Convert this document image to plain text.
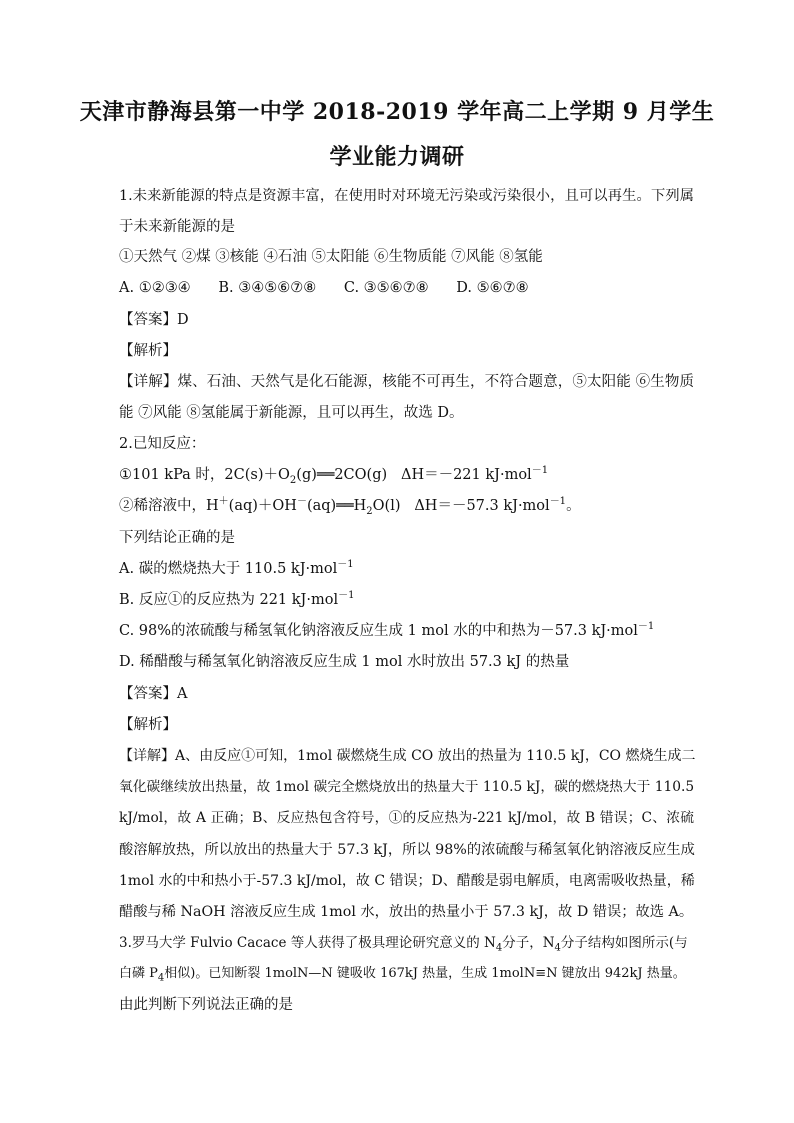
天津市静海县第一中学 2018-2019 学年高二上学期 9 月学生
学业能力调研
1.未来新能源的特点是资源丰富，在使用时对环境无污染或污染很小，且可以再生。下列属
于未来新能源的是
①天然气 ②煤 ③核能 ④石油 ⑤太阳能 ⑥生物质能 ⑦风能 ⑧氢能
A. ①②③④      B. ③④⑤⑥⑦⑧      C. ③⑤⑥⑦⑧      D. ⑤⑥⑦⑧
【答案】D
【解析】
【详解】煤、石油、天然气是化石能源，核能不可再生，不符合题意，⑤太阳能 ⑥生物质
能 ⑦风能 ⑧氢能属于新能源，且可以再生，故选 D。
2.已知反应：
①101 kPa 时，$2C(s)+O_2(g)══2CO(g)$   ΔH＝－221 kJ·mol$^{-1}$
②稀溶液中，$H^+(aq)+OH^-(aq)══H_2O(l)$   ΔH＝－57.3 kJ·mol$^{-1}$。
下列结论正确的是
A. 碳的燃烧热大于 110.5 kJ·mol$^{-1}$
B. 反应①的反应热为 221 kJ·mol$^{-1}$
C. 98%的浓硫酸与稀氢氧化钠溶液反应生成 1 mol 水的中和热为－57.3 kJ·mol$^{-1}$
D. 稀醋酸与稀氢氧化钠溶液反应生成 1 mol 水时放出 57.3 kJ 的热量
【答案】A
【解析】
【详解】A、由反应①可知，1mol 碳燃烧生成 CO 放出的热量为 110.5 kJ，CO 燃烧生成二
氧化碳继续放出热量，故 1mol 碳完全燃烧放出的热量大于 110.5 kJ，碳的燃烧热大于 110.5
kJ/mol，故 A 正确；B、反应热包含符号，①的反应热为-221 kJ/mol，故 B 错误；C、浓硫
酸溶解放热，所以放出的热量大于 57.3 kJ，所以 98%的浓硫酸与稀氢氧化钠溶液反应生成
1mol 水的中和热小于-57.3 kJ/mol，故 C 错误；D、醋酸是弱电解质，电离需吸收热量，稀
醋酸与稀 NaOH 溶液反应生成 1mol 水，放出的热量小于 57.3 kJ，故 D 错误；故选 A。
3.罗马大学 Fulvio Cacace 等人获得了极具理论研究意义的 $N_4$分子，$N_4$分子结构如图所示(与
白磷 $P_4$相似)。已知断裂 1molN—N 键吸收 167kJ 热量，生成 1molN≡N 键放出 942kJ 热量。
由此判断下列说法正确的是
